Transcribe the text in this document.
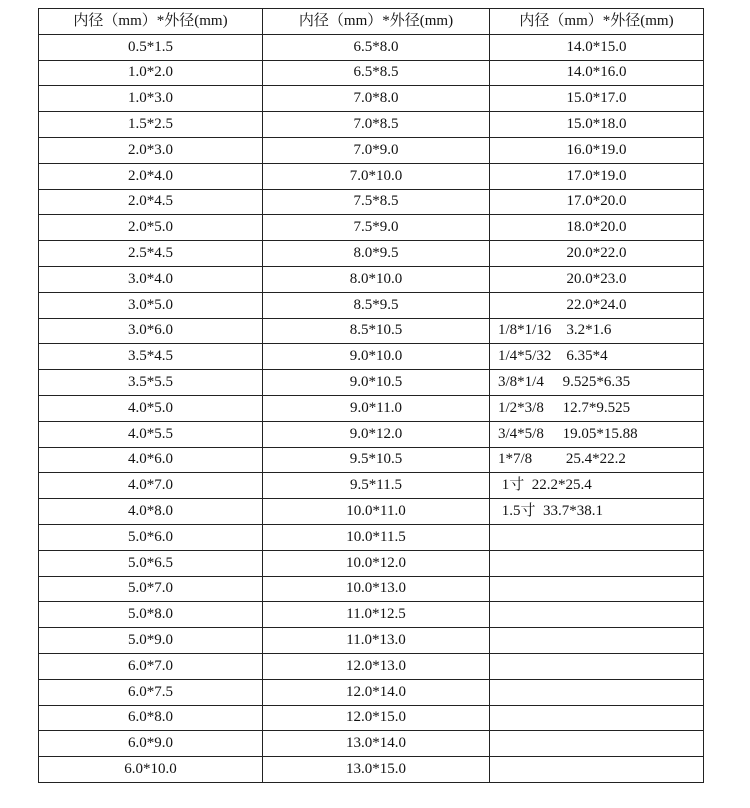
内径（mm）*外径(mm)	内径（mm）*外径(mm)	内径（mm）*外径(mm)
0.5*1.5	6.5*8.0	14.0*15.0
1.0*2.0	6.5*8.5	14.0*16.0
1.0*3.0	7.0*8.0	15.0*17.0
1.5*2.5	7.0*8.5	15.0*18.0
2.0*3.0	7.0*9.0	16.0*19.0
2.0*4.0	7.0*10.0	17.0*19.0
2.0*4.5	7.5*8.5	17.0*20.0
2.0*5.0	7.5*9.0	18.0*20.0
2.5*4.5	8.0*9.5	20.0*22.0
3.0*4.0	8.0*10.0	20.0*23.0
3.0*5.0	8.5*9.5	22.0*24.0
3.0*6.0	8.5*10.5	1/8*1/16    3.2*1.6
3.5*4.5	9.0*10.0	1/4*5/32    6.35*4
3.5*5.5	9.0*10.5	3/8*1/4     9.525*6.35
4.0*5.0	9.0*11.0	1/2*3/8     12.7*9.525
4.0*5.5	9.0*12.0	3/4*5/8     19.05*15.88
4.0*6.0	9.5*10.5	1*7/8         25.4*22.2
4.0*7.0	9.5*11.5	1寸  22.2*25.4
4.0*8.0	10.0*11.0	1.5寸  33.7*38.1
5.0*6.0	10.0*11.5	
5.0*6.5	10.0*12.0	
5.0*7.0	10.0*13.0	
5.0*8.0	11.0*12.5	
5.0*9.0	11.0*13.0	
6.0*7.0	12.0*13.0	
6.0*7.5	12.0*14.0	
6.0*8.0	12.0*15.0	
6.0*9.0	13.0*14.0	
6.0*10.0	13.0*15.0	
